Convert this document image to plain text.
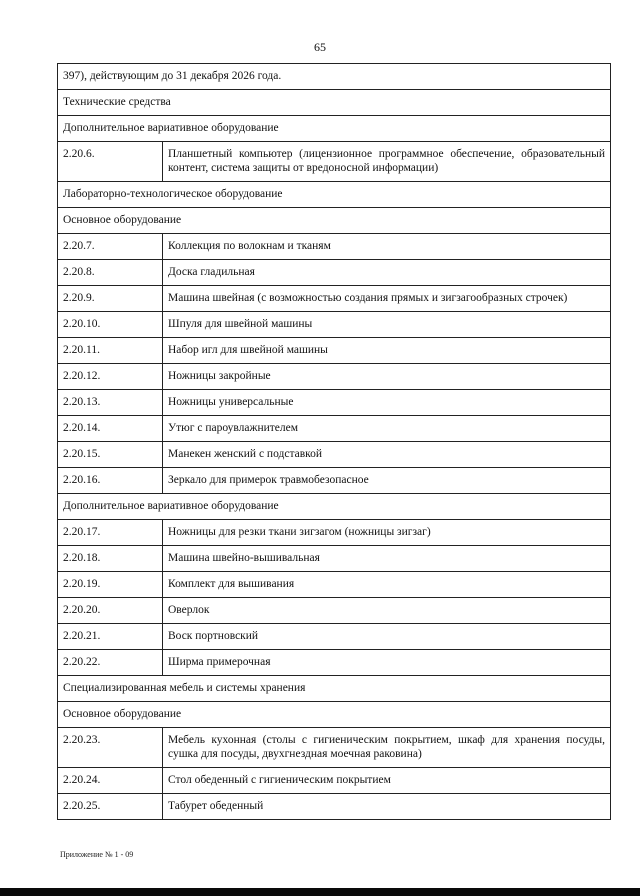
65
397), действующим до 31 декабря 2026 года.	
Технические средства	
Дополнительное вариативное оборудование	
2.20.6.	Планшетный компьютер (лицензионное программное обеспечение, образовательный контент, система защиты от вредоносной информации)
Лабораторно-технологическое оборудование	
Основное оборудование	
2.20.7.	Коллекция по волокнам и тканям
2.20.8.	Доска гладильная
2.20.9.	Машина швейная (с возможностью создания прямых и зигзагообразных строчек)
2.20.10.	Шпуля для швейной машины
2.20.11.	Набор игл для швейной машины
2.20.12.	Ножницы закройные
2.20.13.	Ножницы универсальные
2.20.14.	Утюг с пароувлажнителем
2.20.15.	Манекен женский с подставкой
2.20.16.	Зеркало для примерок травмобезопасное
Дополнительное вариативное оборудование	
2.20.17.	Ножницы для резки ткани зигзагом (ножницы зигзаг)
2.20.18.	Машина швейно-вышивальная
2.20.19.	Комплект для вышивания
2.20.20.	Оверлок
2.20.21.	Воск портновский
2.20.22.	Ширма примерочная
Специализированная мебель и системы хранения	
Основное оборудование	
2.20.23.	Мебель кухонная (столы с гигиеническим покрытием, шкаф для хранения посуды, сушка для посуды, двухгнездная моечная раковина)
2.20.24.	Стол обеденный с гигиеническим покрытием
2.20.25.	Табурет обеденный
Приложение № 1 - 09
